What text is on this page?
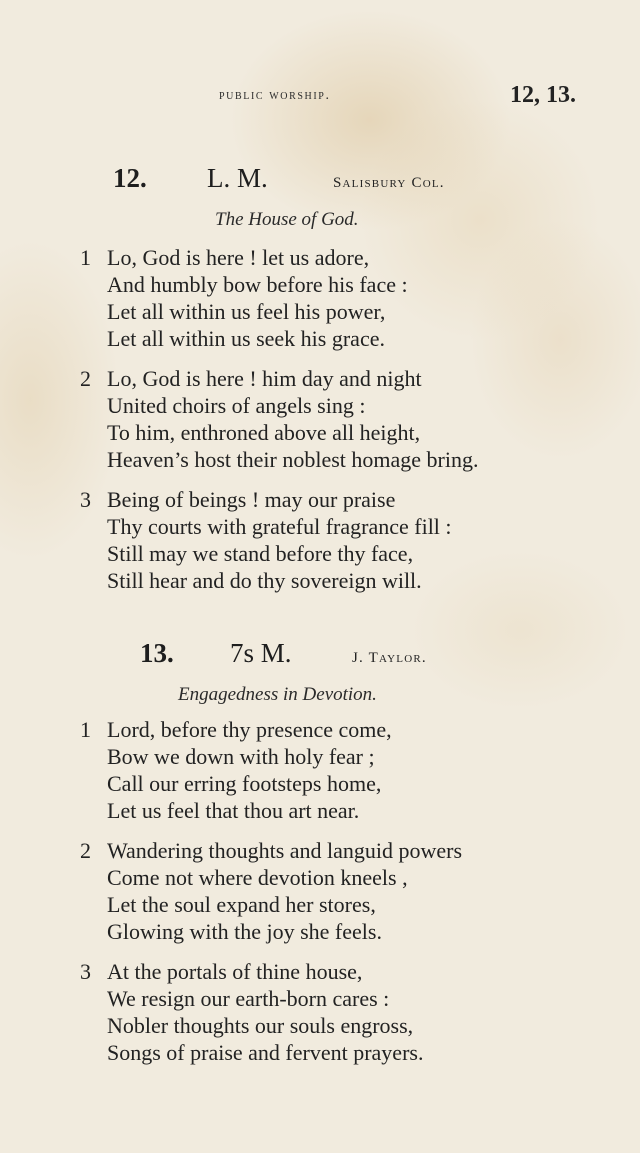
public worship.	12, 13.
12. L. M.	Salisbury Col.
The House of God.
1 Lo, God is here ! let us adore,
And humbly bow before his face :
Let all within us feel his power,
Let all within us seek his grace.
2 Lo, God is here ! him day and night
United choirs of angels sing :
To him, enthroned above all height,
Heaven’s host their noblest homage bring.
3 Being of beings ! may our praise
Thy courts with grateful fragrance fill :
Still may we stand before thy face,
Still hear and do thy sovereign will.
13. 7s M.	J. Taylor.
Engagedness in Devotion.
1 Lord, before thy presence come,
Bow we down with holy fear ;
Call our erring footsteps home,
Let us feel that thou art near.
2 Wandering thoughts and languid powers
Come not where devotion kneels ,
Let the soul expand her stores,
Glowing with the joy she feels.
3 At the portals of thine house,
We resign our earth-born cares :
Nobler thoughts our souls engross,
Songs of praise and fervent prayers.
